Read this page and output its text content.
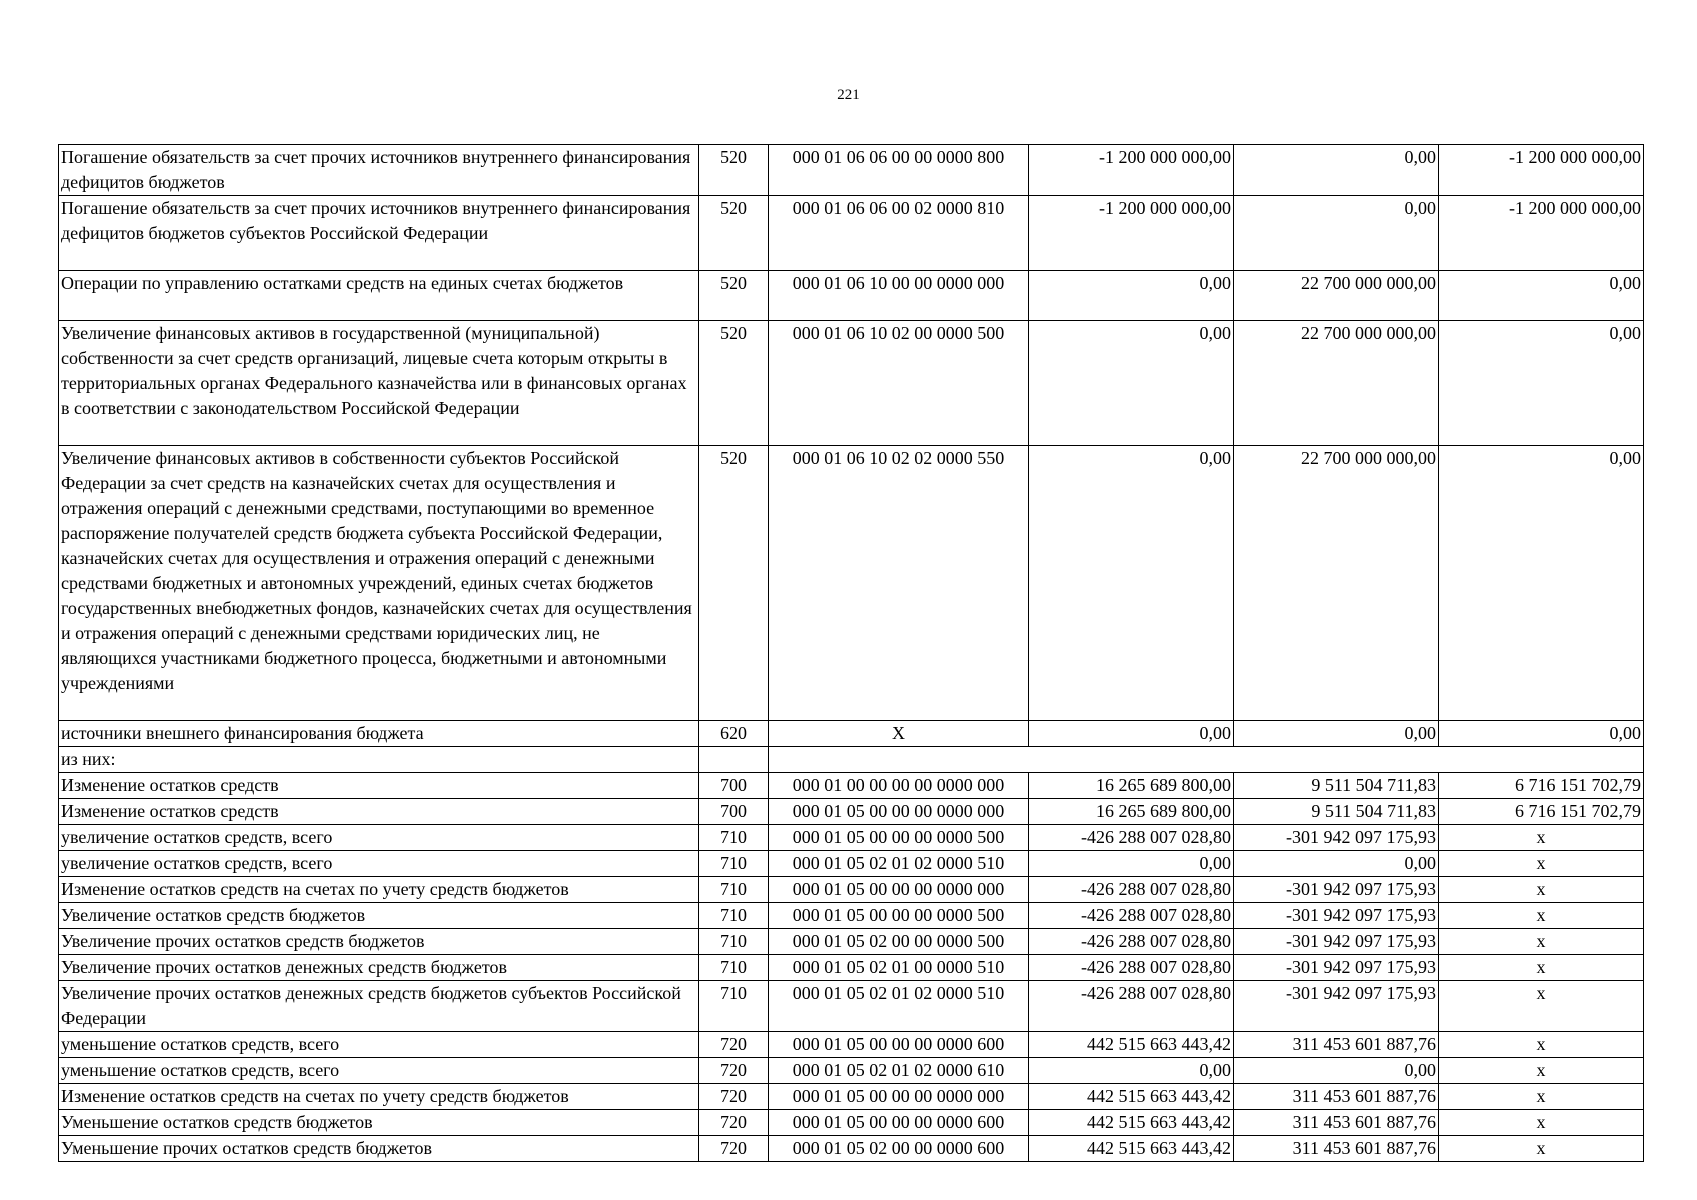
221
Погашение обязательств за счет прочих источников внутреннего финансирования дефицитов бюджетов	520	000 01 06 06 00 00 0000 800	-1 200 000 000,00	0,00	-1 200 000 000,00
Погашение обязательств за счет прочих источников внутреннего финансирования дефицитов бюджетов субъектов Российской Федерации	520	000 01 06 06 00 02 0000 810	-1 200 000 000,00	0,00	-1 200 000 000,00
Операции по управлению остатками средств на единых счетах бюджетов	520	000 01 06 10 00 00 0000 000	0,00	22 700 000 000,00	0,00
Увеличение финансовых активов в государственной (муниципальной) собственности за счет средств организаций, лицевые счета которым открыты в территориальных органах Федерального казначейства или в финансовых органах в соответствии с законодательством Российской Федерации	520	000 01 06 10 02 00 0000 500	0,00	22 700 000 000,00	0,00
Увеличение финансовых активов в собственности субъектов Российской Федерации за счет средств на казначейских счетах для осуществления и отражения операций с денежными средствами, поступающими во временное распоряжение получателей средств бюджета субъекта Российской Федерации, казначейских счетах для осуществления и отражения операций с денежными средствами бюджетных и автономных учреждений, единых счетах бюджетов государственных внебюджетных фондов, казначейских счетах для осуществления и отражения операций с денежными средствами юридических лиц, не являющихся участниками бюджетного процесса, бюджетными и автономными учреждениями	520	000 01 06 10 02 02 0000 550	0,00	22 700 000 000,00	0,00
источники внешнего финансирования бюджета	620	X	0,00	0,00	0,00
из них:					
Изменение остатков средств	700	000 01 00 00 00 00 0000 000	16 265 689 800,00	9 511 504 711,83	6 716 151 702,79
Изменение остатков средств	700	000 01 05 00 00 00 0000 000	16 265 689 800,00	9 511 504 711,83	6 716 151 702,79
увеличение остатков средств, всего	710	000 01 05 00 00 00 0000 500	-426 288 007 028,80	-301 942 097 175,93	x
увеличение остатков средств, всего	710	000 01 05 02 01 02 0000 510	0,00	0,00	x
Изменение остатков средств на счетах по учету средств бюджетов	710	000 01 05 00 00 00 0000 000	-426 288 007 028,80	-301 942 097 175,93	x
Увеличение остатков средств бюджетов	710	000 01 05 00 00 00 0000 500	-426 288 007 028,80	-301 942 097 175,93	x
Увеличение прочих остатков средств бюджетов	710	000 01 05 02 00 00 0000 500	-426 288 007 028,80	-301 942 097 175,93	x
Увеличение прочих остатков денежных средств бюджетов	710	000 01 05 02 01 00 0000 510	-426 288 007 028,80	-301 942 097 175,93	x
Увеличение прочих остатков денежных средств бюджетов субъектов Российской Федерации	710	000 01 05 02 01 02 0000 510	-426 288 007 028,80	-301 942 097 175,93	x
уменьшение остатков средств, всего	720	000 01 05 00 00 00 0000 600	442 515 663 443,42	311 453 601 887,76	x
уменьшение остатков средств, всего	720	000 01 05 02 01 02 0000 610	0,00	0,00	x
Изменение остатков средств на счетах по учету средств бюджетов	720	000 01 05 00 00 00 0000 000	442 515 663 443,42	311 453 601 887,76	x
Уменьшение остатков средств бюджетов	720	000 01 05 00 00 00 0000 600	442 515 663 443,42	311 453 601 887,76	x
Уменьшение прочих остатков средств бюджетов	720	000 01 05 02 00 00 0000 600	442 515 663 443,42	311 453 601 887,76	x
